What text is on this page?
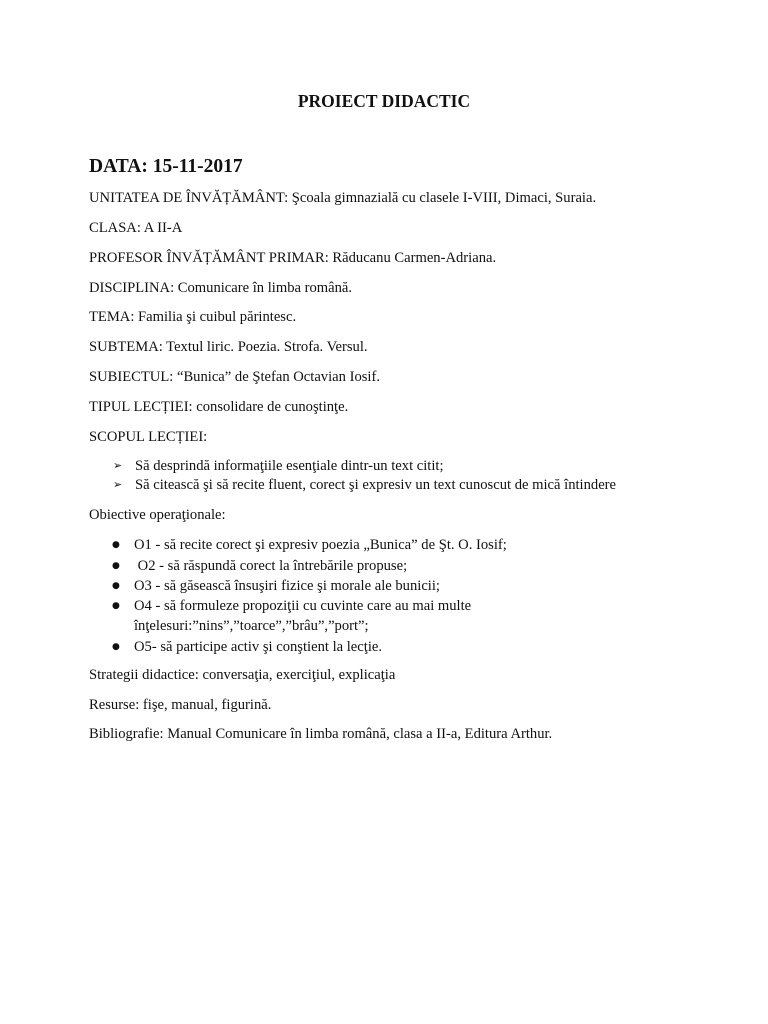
PROIECT DIDACTIC
DATA: 15-11-2017
UNITATEA DE ÎNVĂȚĂMÂNT: Şcoala gimnazială cu clasele I-VIII, Dimaci, Suraia.
CLASA: A II-A
PROFESOR ÎNVĂȚĂMÂNT PRIMAR: Răducanu Carmen-Adriana.
DISCIPLINA: Comunicare în limba română.
TEMA: Familia şi cuibul părintesc.
SUBTEMA: Textul liric. Poezia. Strofa. Versul.
SUBIECTUL: “Bunica” de Ştefan Octavian Iosif.
TIPUL LECȚIEI: consolidare de cunoştinţe.
SCOPUL LECȚIEI:
➢ Să desprindă informaţiile esenţiale dintr-un text citit;
➢ Să citească şi să recite fluent, corect şi expresiv un text cunoscut de mică întindere
Obiective operaţionale:
● O1 - să recite corect şi expresiv poezia „Bunica” de Şt. O. Iosif;
● O2 - să răspundă corect la întrebările propuse;
● O3 - să găsească însuşiri fizice şi morale ale bunicii;
● O4 - să formuleze propoziţii cu cuvinte care au mai multe
înţelesuri:”nins”,”toarce”,”brâu”,”port”;
● O5- să participe activ şi conştient la lecţie.
Strategii didactice: conversaţia, exerciţiul, explicaţia
Resurse: fişe, manual, figurină.
Bibliografie: Manual Comunicare în limba română, clasa a II-a, Editura Arthur.
